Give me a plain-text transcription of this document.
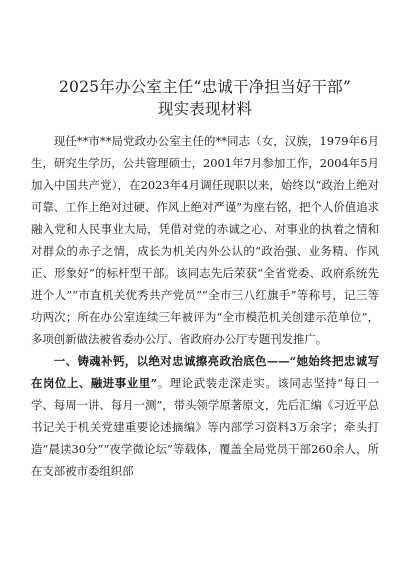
2025年办公室主任“忠诚干净担当好干部”
现实表现材料

现任**市**局党政办公室主任的**同志（女，汉族，1979年6月生，研究生学历，公共管理硕士，2001年7月参加工作，2004年5月加入中国共产党），在2023年4月调任现职以来，始终以“政治上绝对可靠、工作上绝对过硬、作风上绝对严谨”为座右铭，把个人价值追求融入党和人民事业大局，凭借对党的赤诚之心、对事业的执着之情和对群众的赤子之情，成长为机关内外公认的“政治强、业务精、作风正、形象好”的标杆型干部。该同志先后荣获“全省党委、政府系统先进个人”“市直机关优秀共产党员”“全市三八红旗手”等称号，记三等功两次；所在办公室连续三年被评为“全市模范机关创建示范单位”，多项创新做法被省委办公厅、省政府办公厅专题刊发推广。

一、铸魂补钙，以绝对忠诚擦亮政治底色——“她始终把忠诚写在岗位上、融进事业里”。理论武装走深走实。该同志坚持“每日一学、每周一讲、每月一测”，带头领学原著原文，先后汇编《习近平总书记关于机关党建重要论述摘编》等内部学习资料3万余字；牵头打造“晨读30分”“夜学微论坛”等载体，覆盖全局党员干部260余人，所在支部被市委组织部
